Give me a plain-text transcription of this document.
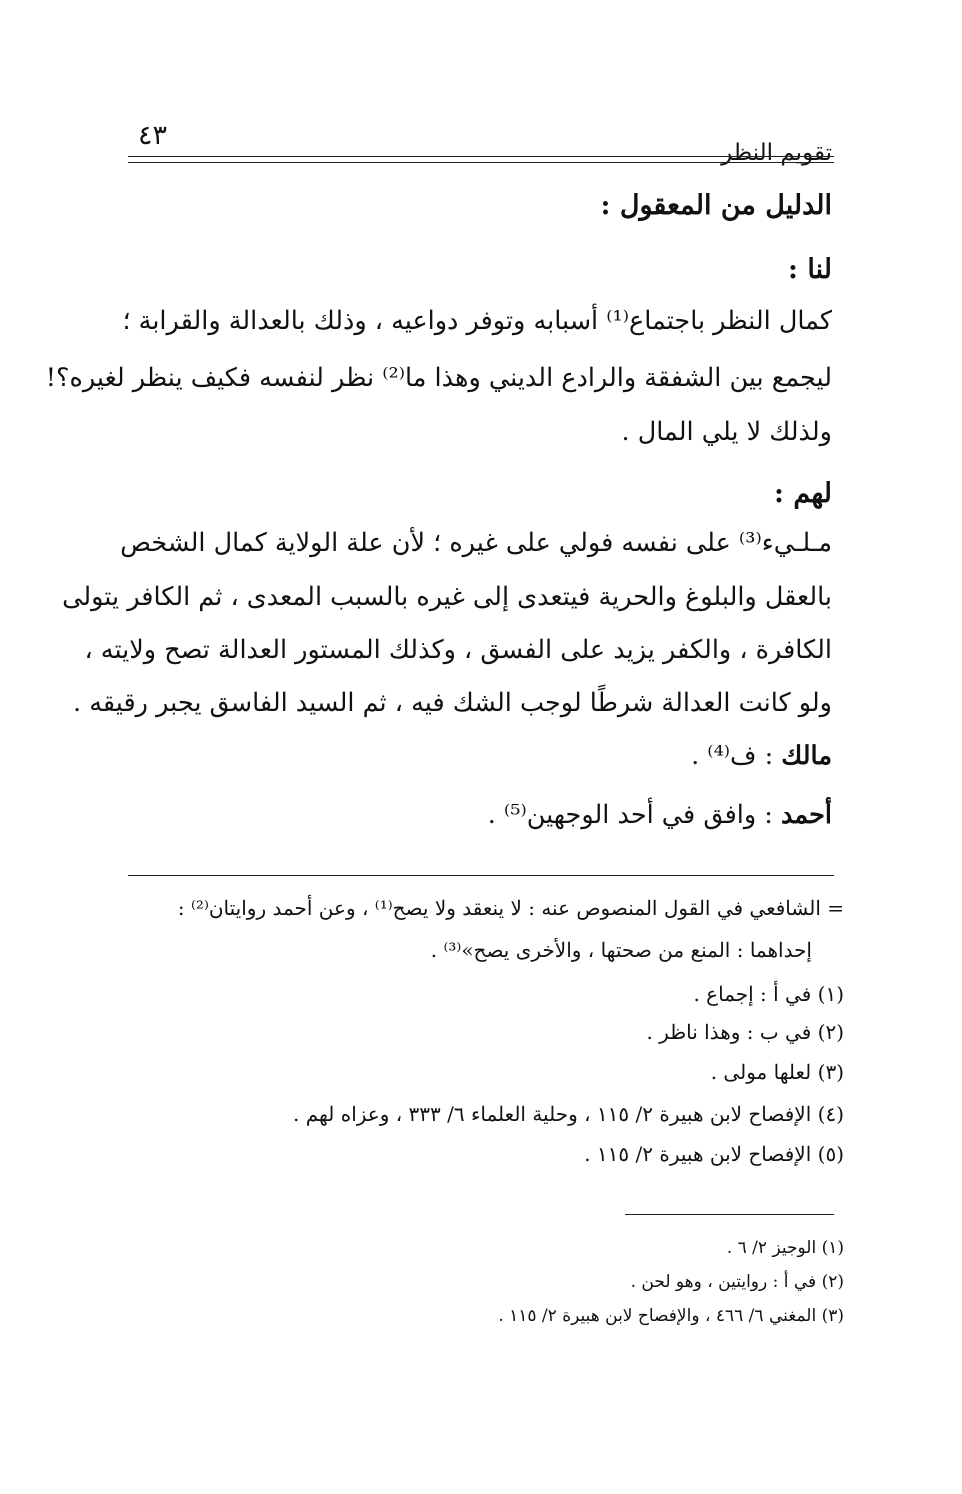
تقويم النظر
٤٣
الدليل من المعقول :
لنا :
كمال النظر باجتماع⁽¹⁾ أسبابه وتوفر دواعيه ، وذلك بالعدالة والقرابة ؛
ليجمع بين الشفقة والرادع الديني وهذا ما⁽²⁾ نظر لنفسه فكيف ينظر لغيره؟!
ولذلك لا يلي المال .
لهم :
مـلـيء⁽³⁾ على نفسه فولي على غيره ؛ لأن علة الولاية كمال الشخص
بالعقل والبلوغ والحرية فيتعدى إلى غيره بالسبب المعدى ، ثم الكافر يتولى
الكافرة ، والكفر يزيد على الفسق ، وكذلك المستور العدالة تصح ولايته ،
ولو كانت العدالة شرطًا لوجب الشك فيه ، ثم السيد الفاسق يجبر رقيقه .
مالك : ف⁽⁴⁾ .
أحمد : وافق في أحد الوجهين⁽⁵⁾ .
= الشافعي في القول المنصوص عنه : لا ينعقد ولا يصح⁽¹⁾ ، وعن أحمد روايتان⁽²⁾ :
إحداهما : المنع من صحتها ، والأخرى يصح»⁽³⁾ .
(١) في أ : إجماع .
(٢) في ب : وهذا ناظر .
(٣) لعلها مولى .
(٤) الإفصاح لابن هبيرة ٢/ ١١٥ ، وحلية العلماء ٦/ ٣٣٣ ، وعزاه لهم .
(٥) الإفصاح لابن هبيرة ٢/ ١١٥ .
(١) الوجيز ٢/ ٦ .
(٢) في أ : روايتين ، وهو لحن .
(٣) المغني ٦/ ٤٦٦ ، والإفصاح لابن هبيرة ٢/ ١١٥ .
